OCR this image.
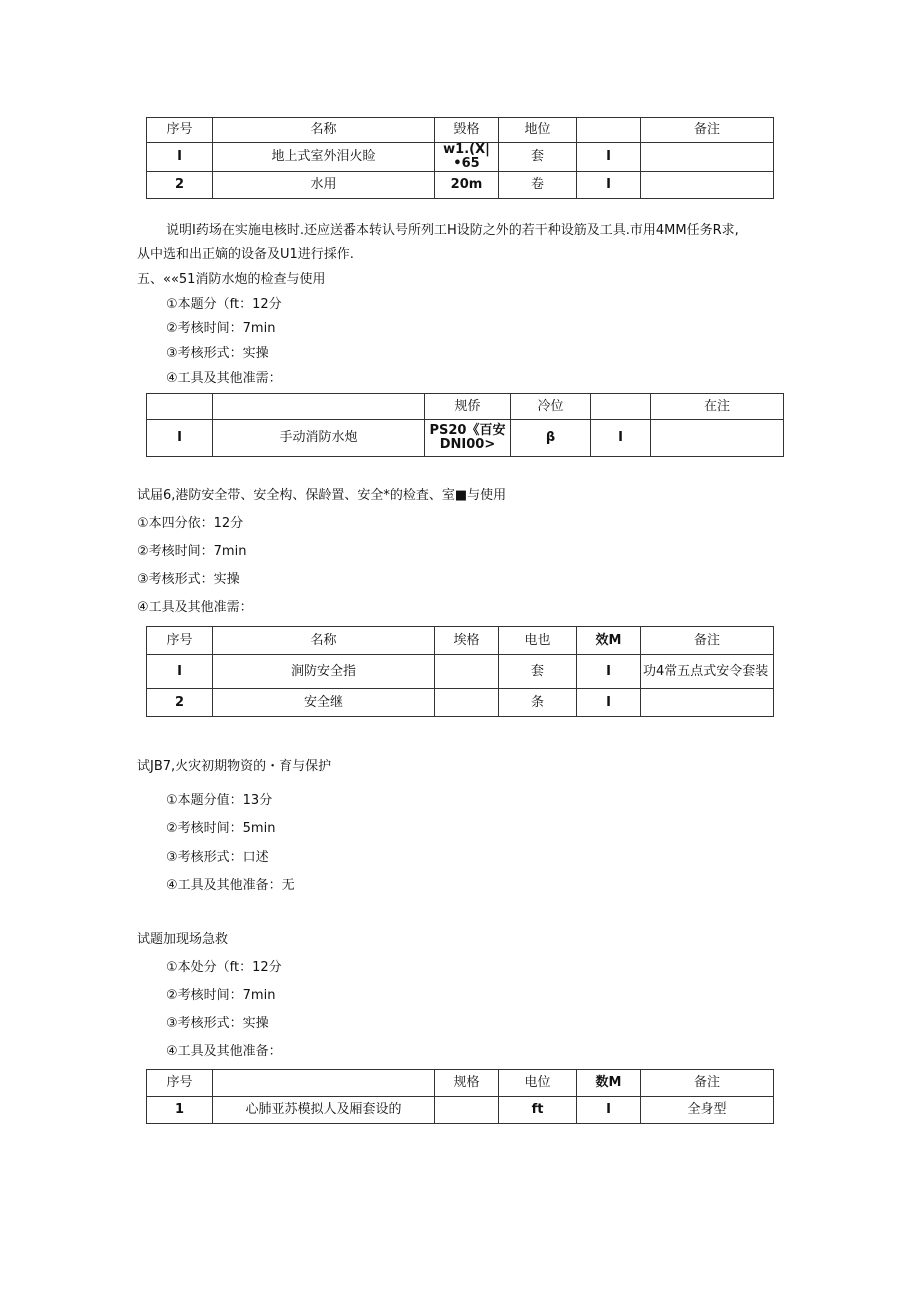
序号	名称	毁格	地位		备注
I	地上式室外泪火睑	w1.(X|•65	套	I	
2	水用	20m	卷	I	
说明I药场在实施电核时.还应送番本转认号所列工H设防之外的若干种设筋及工具.市用4MM任务R求,
从中选和出正嫡的设备及U1进行採作.
五、««51消防水炮的检查与使用
①本题分（ft：12分
②考核时间：7min
③考核形式：实操
④工具及其他准需：
		规侨	冷位		在注
I	手动消防水炮	PS20《百安DNI00>	β	I	
试届6,港防安全带、安全构、保龄置、安全*的检査、室■与使用
①本四分依：12分
②考核时间：7min
③考核形式：实操
④工具及其他准需：
序号	名称	埃格	电也	效M	备注
I	涧防安全指		套	I	功4常五点式安令套装
2	安全继		条	I	
试JB7,火灾初期物资的・育与保护
①本题分值：13分
②考核时间：5min
③考核形式：口述
④工具及其他准备：无
试题加现场急救
①本处分（ft：12分
②考核时间：7min
③考核形式：实操
④工具及其他准备：
序号		规格	电位	数M	备注
1	心肺亚苏模拟人及厢套设的		ft	I	全身型
